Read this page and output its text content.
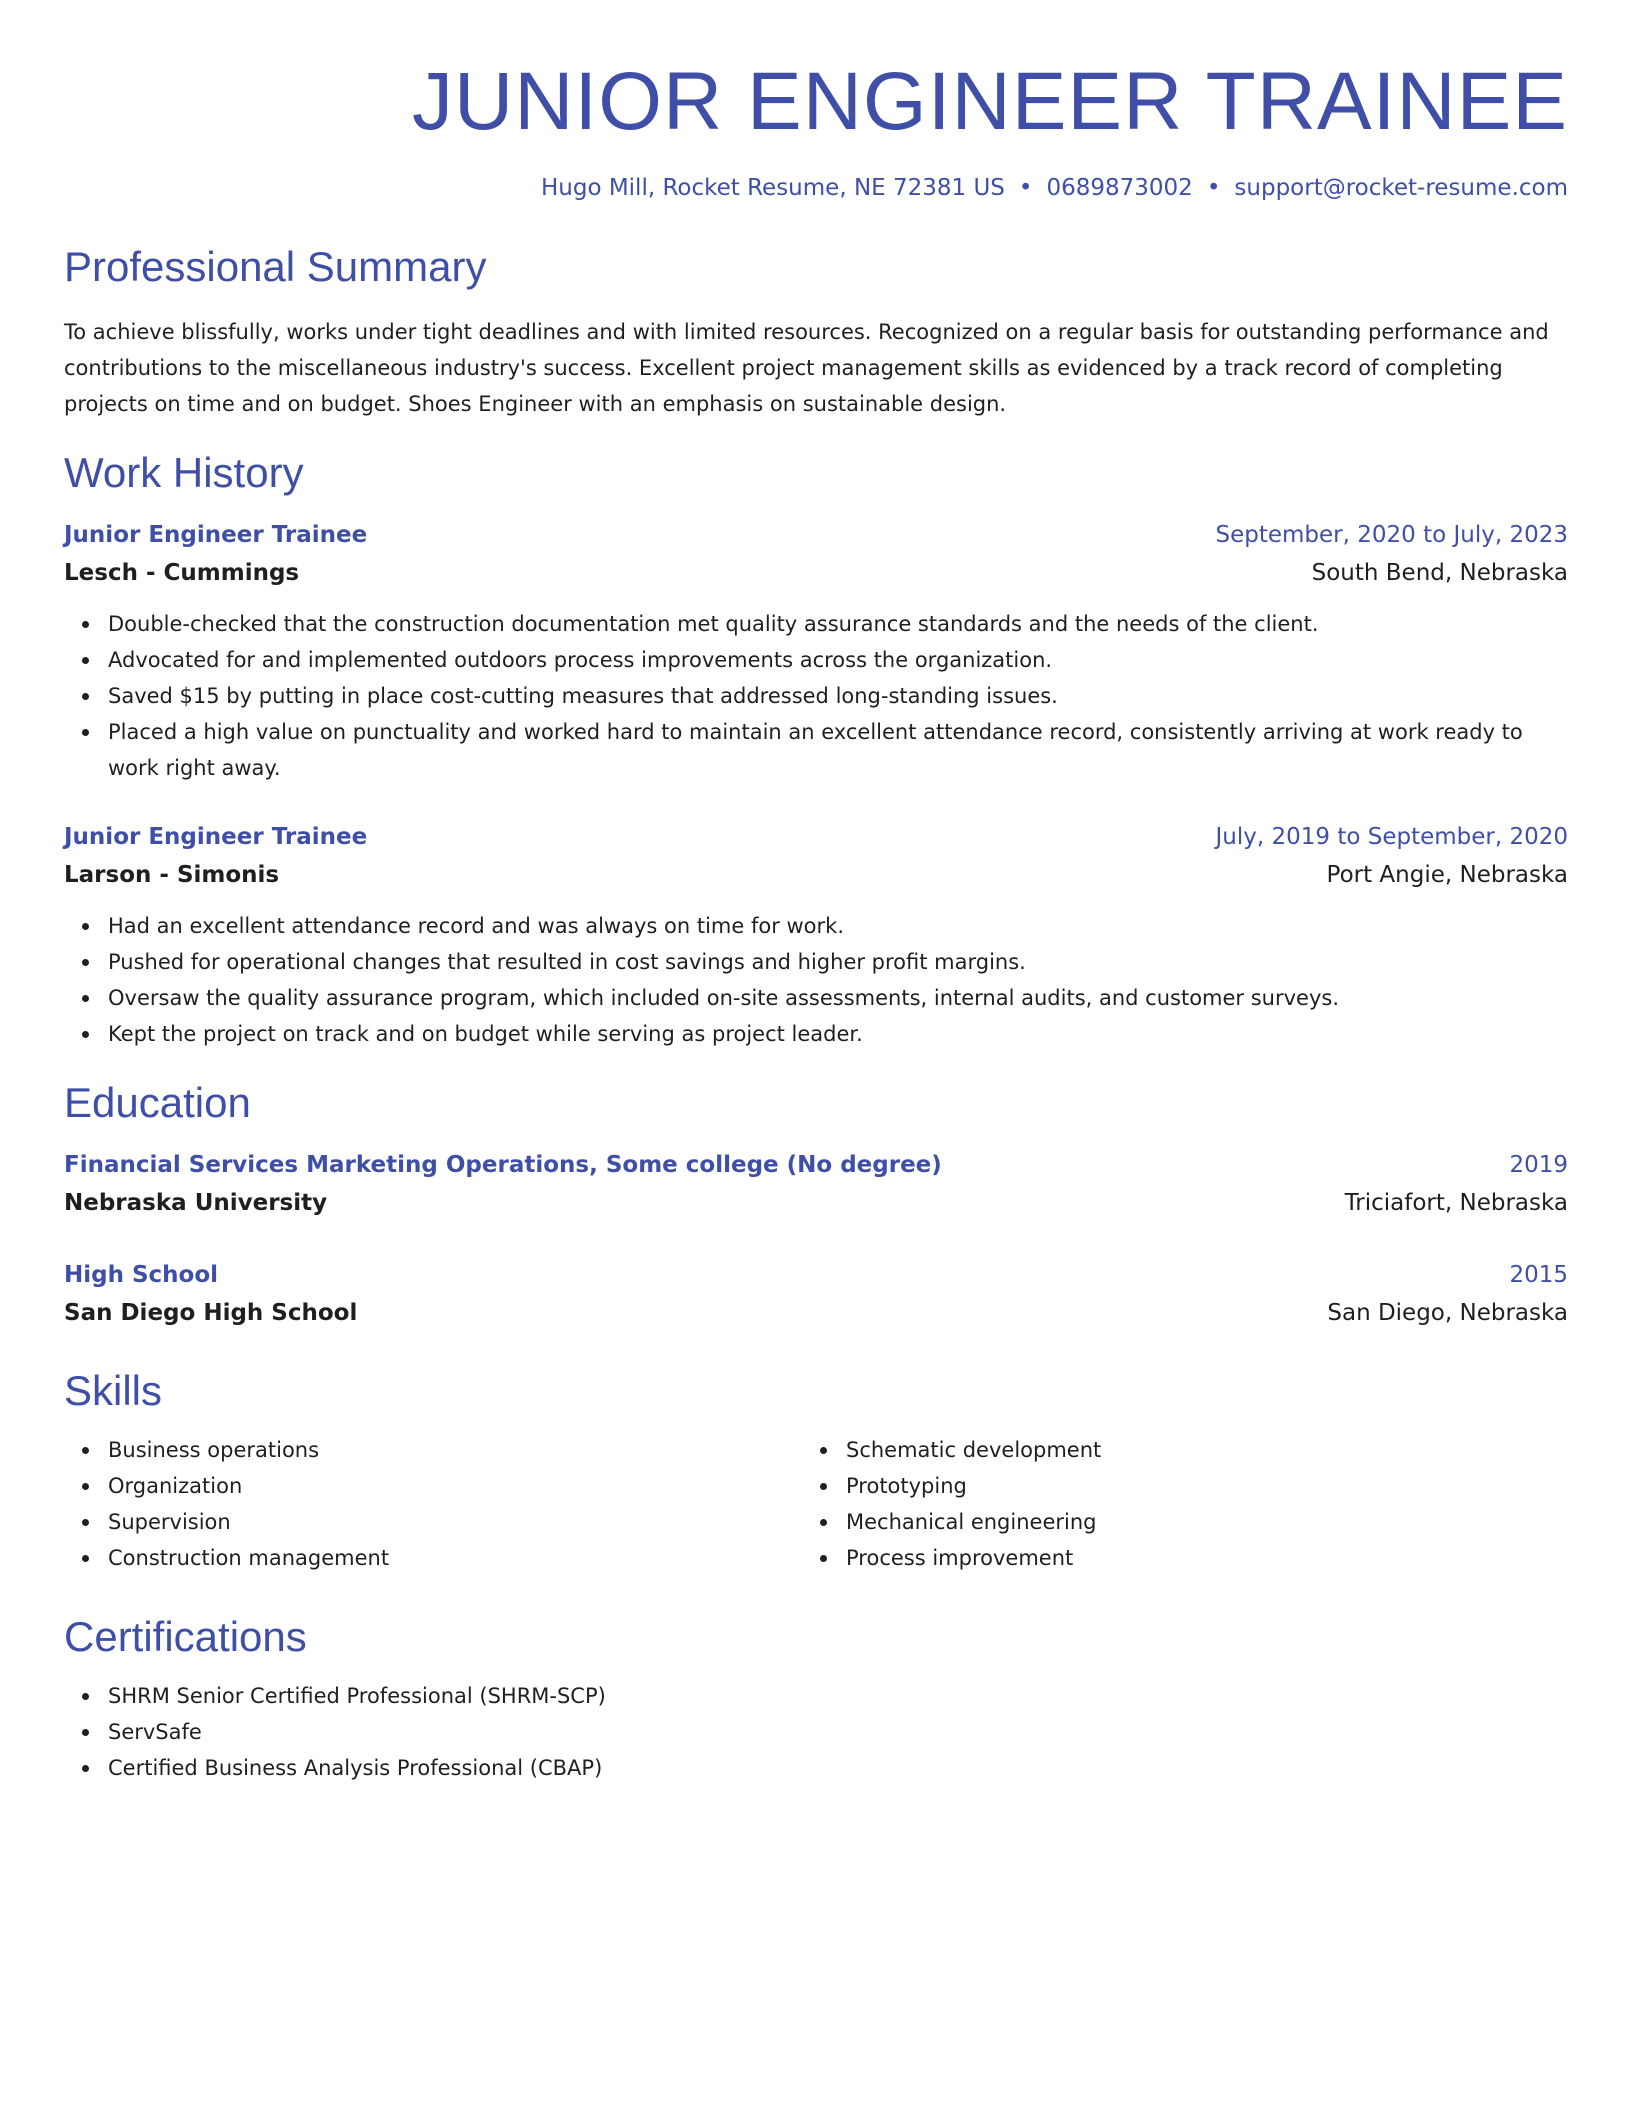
JUNIOR ENGINEER TRAINEE
Hugo Mill, Rocket Resume, NE 72381 US • 0689873002 • support@rocket-resume.com
Professional Summary
To achieve blissfully, works under tight deadlines and with limited resources. Recognized on a regular basis for outstanding performance and contributions to the miscellaneous industry's success. Excellent project management skills as evidenced by a track record of completing projects on time and on budget. Shoes Engineer with an emphasis on sustainable design.
Work History
Junior Engineer Trainee	September, 2020 to July, 2023
Lesch - Cummings	South Bend, Nebraska
Double-checked that the construction documentation met quality assurance standards and the needs of the client.
Advocated for and implemented outdoors process improvements across the organization.
Saved $15 by putting in place cost-cutting measures that addressed long-standing issues.
Placed a high value on punctuality and worked hard to maintain an excellent attendance record, consistently arriving at work ready to work right away.
Junior Engineer Trainee	July, 2019 to September, 2020
Larson - Simonis	Port Angie, Nebraska
Had an excellent attendance record and was always on time for work.
Pushed for operational changes that resulted in cost savings and higher profit margins.
Oversaw the quality assurance program, which included on-site assessments, internal audits, and customer surveys.
Kept the project on track and on budget while serving as project leader.
Education
Financial Services Marketing Operations, Some college (No degree)	2019
Nebraska University	Triciafort, Nebraska
High School	2015
San Diego High School	San Diego, Nebraska
Skills
Business operations
Organization
Supervision
Construction management
Schematic development
Prototyping
Mechanical engineering
Process improvement
Certifications
SHRM Senior Certified Professional (SHRM-SCP)
ServSafe
Certified Business Analysis Professional (CBAP)
